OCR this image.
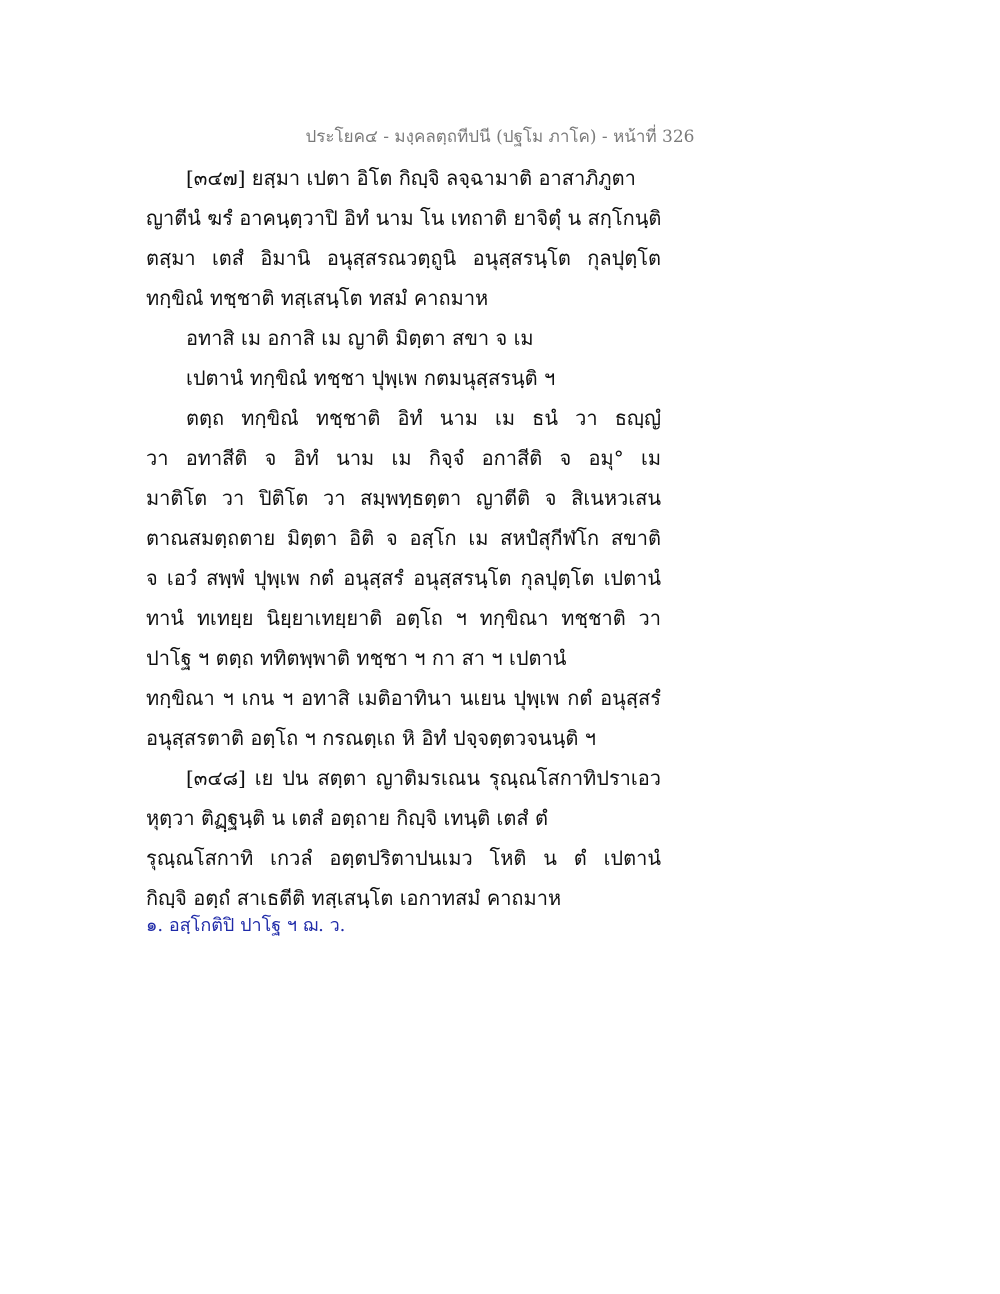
ประโยค๔ - มงฺคลตฺถทีปนี (ปฐโม ภาโค) - หน้าที่ 326
[๓๔๗] ยสฺมา เปตา อิโต กิญฺจิ ลจฺฉามาติ อาสาภิภูตา
ญาตีนํ ฆรํ อาคนฺตฺวาปิ อิทํ นาม โน เทถาติ ยาจิตุํ น สกฺโกนฺติ
ตสฺมา เตสํ อิมานิ อนุสฺสรณวตฺถูนิ อนุสฺสรนฺโต กุลปุตฺโต
ทกฺขิณํ ทชฺชาติ ทสฺเสนฺโต ทสมํ คาถมาห
อทาสิ เม อกาสิ เม ญาติ มิตฺตา สขา จ เม
เปตานํ ทกฺขิณํ ทชฺชา ปุพฺเพ กตมนุสฺสรนฺติ ฯ
ตตฺถ ทกฺขิณํ ทชฺชาติ อิทํ นาม เม ธนํ วา ธญฺญํ
วา อทาสีติ จ อิทํ นาม เม กิจฺจํ อกาสีติ จ อมุ° เม
มาติโต วา ปิติโต วา สมฺพทฺธตฺตา ญาตีติ จ สิเนหวเสน
ตาณสมตฺถตาย มิตฺตา อิติ จ อสฺโก เม สหปํสุกีฬโก สขาติ
จ เอวํ สพฺพํ ปุพฺเพ กตํ อนุสฺสรํ อนุสฺสรนฺโต กุลปุตฺโต เปตานํ
ทานํ ทเทยฺย นิยฺยาเทยฺยาติ อตฺโถ ฯ ทกฺขิณา ทชฺชาติ วา
ปาโฐ ฯ ตตฺถ ททิตพฺพาติ ทชฺชา ฯ กา สา ฯ เปตานํ
ทกฺขิณา ฯ เกน ฯ อทาสิ เมติอาทินา นเยน ปุพฺเพ กตํ อนุสฺสรํ
อนุสฺสรตาติ อตฺโถ ฯ กรณตฺเถ หิ อิทํ ปจฺจตฺตวจนนฺติ ฯ
[๓๔๘] เย ปน สตฺตา ญาติมรเณน รุณฺณโสกาทิปราเอว
หุตฺวา ติฏฺฐนฺติ น เตสํ อตฺถาย กิญฺจิ เทนฺติ เตสํ ตํ
รุณฺณโสกาทิ เกวลํ อตฺตปริตาปนเมว โหติ น ตํ เปตานํ
กิญฺจิ อตฺถํ สาเธตีติ ทสฺเสนฺโต เอกาทสมํ คาถมาห
๑. อสฺโกติปิ ปาโฐ ฯ ฌ. ว.
